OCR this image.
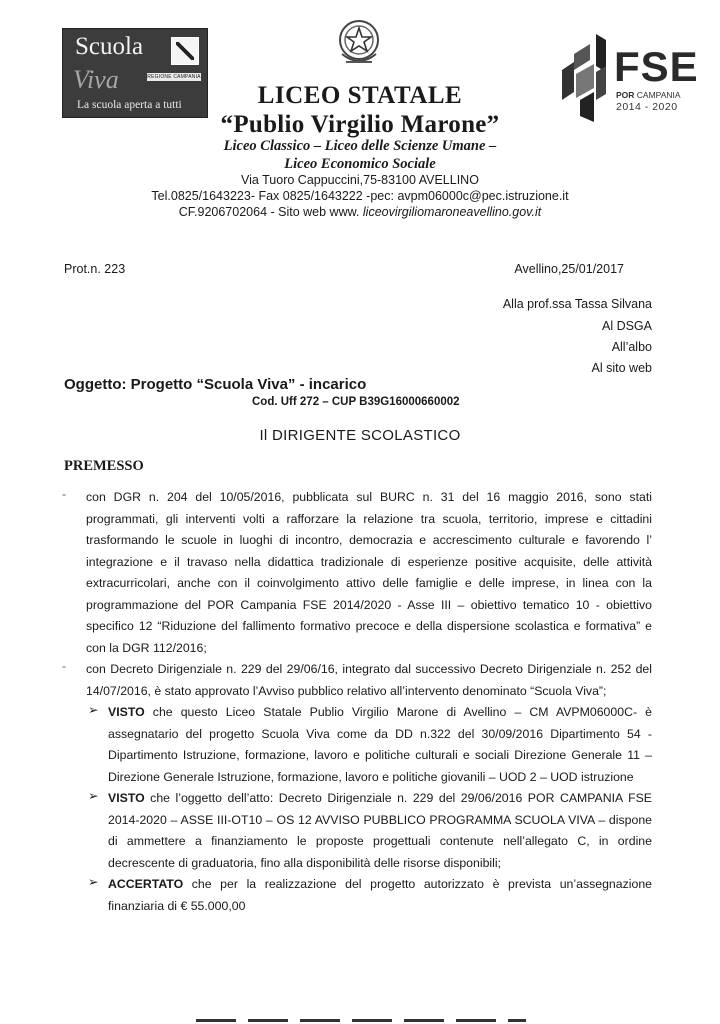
Scuola
Viva	REGIONE CAMPANIA
La scuola aperta a tutti
FSE
POR CAMPANIA
2014 - 2020
LICEO STATALE
“Publio Virgilio Marone”
Liceo Classico – Liceo delle Scienze Umane –
Liceo Economico Sociale
Via Tuoro Cappuccini,75-83100 AVELLINO
Tel.0825/1643223- Fax 0825/1643222 -pec: avpm06000c@pec.istruzione.it
CF.9206702064 - Sito web www. liceovirgiliomaroneavellino.gov.it
Prot.n. 223	Avellino,25/01/2017
Alla prof.ssa Tassa Silvana
Al DSGA
All’albo
Al sito web
Oggetto: Progetto “Scuola Viva” - incarico
Cod. Uff 272 – CUP B39G16000660002
Il DIRIGENTE SCOLASTICO
PREMESSO
- con DGR n. 204 del 10/05/2016, pubblicata sul BURC n. 31 del 16 maggio 2016, sono stati programmati, gli interventi volti a rafforzare la relazione tra scuola, territorio, imprese e cittadini trasformando le scuole in luoghi di incontro, democrazia e accrescimento culturale e favorendo l’ integrazione e il travaso nella didattica tradizionale di esperienze positive acquisite, delle attività extracurricolari, anche con il coinvolgimento attivo delle famiglie e delle imprese, in linea con la programmazione del POR Campania FSE 2014/2020 - Asse III – obiettivo tematico 10 - obiettivo specifico 12 “Riduzione del fallimento formativo precoce e della dispersione scolastica e formativa” e con la DGR 112/2016;
- con Decreto Dirigenziale n. 229 del 29/06/16, integrato dal successivo Decreto Dirigenziale n. 252 del 14/07/2016, è stato approvato l’Avviso pubblico relativo all’intervento denominato “Scuola Viva”;
➢ VISTO che questo Liceo Statale Publio Virgilio Marone di Avellino – CM AVPM06000C- è assegnatario del progetto Scuola Viva come da DD n.322 del 30/09/2016 Dipartimento 54 - Dipartimento Istruzione, formazione, lavoro e politiche culturali e sociali Direzione Generale 11 – Direzione Generale Istruzione, formazione, lavoro e politiche giovanili – UOD 2 – UOD istruzione
➢ VISTO che l’oggetto dell’atto: Decreto Dirigenziale n. 229 del 29/06/2016 POR CAMPANIA FSE 2014-2020 – ASSE III-OT10 – OS 12 AVVISO PUBBLICO PROGRAMMA SCUOLA VIVA – dispone di ammettere a finanziamento le proposte progettuali contenute nell’allegato C, in ordine decrescente di graduatoria, fino alla disponibilità delle risorse disponibili;
➢ ACCERTATO che per la realizzazione del progetto autorizzato è prevista un’assegnazione finanziaria di € 55.000,00
